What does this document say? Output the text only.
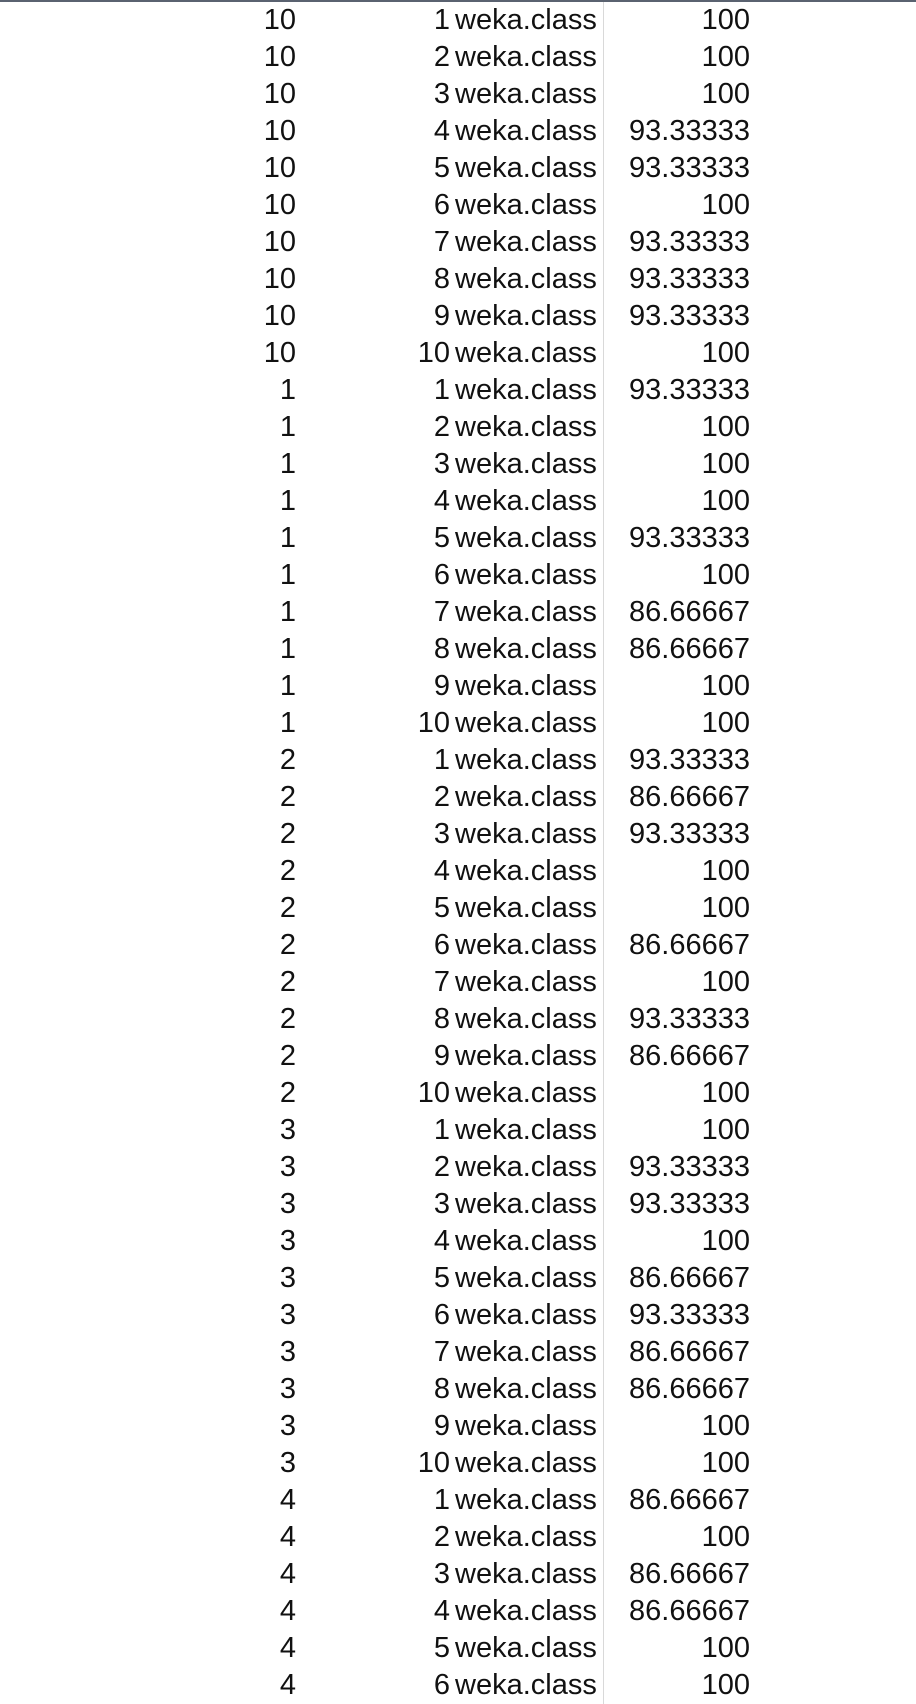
10	1 weka.class	100
10	2 weka.class	100
10	3 weka.class	100
10	4 weka.class	93.33333
10	5 weka.class	93.33333
10	6 weka.class	100
10	7 weka.class	93.33333
10	8 weka.class	93.33333
10	9 weka.class	93.33333
10	10 weka.class	100
1	1 weka.class	93.33333
1	2 weka.class	100
1	3 weka.class	100
1	4 weka.class	100
1	5 weka.class	93.33333
1	6 weka.class	100
1	7 weka.class	86.66667
1	8 weka.class	86.66667
1	9 weka.class	100
1	10 weka.class	100
2	1 weka.class	93.33333
2	2 weka.class	86.66667
2	3 weka.class	93.33333
2	4 weka.class	100
2	5 weka.class	100
2	6 weka.class	86.66667
2	7 weka.class	100
2	8 weka.class	93.33333
2	9 weka.class	86.66667
2	10 weka.class	100
3	1 weka.class	100
3	2 weka.class	93.33333
3	3 weka.class	93.33333
3	4 weka.class	100
3	5 weka.class	86.66667
3	6 weka.class	93.33333
3	7 weka.class	86.66667
3	8 weka.class	86.66667
3	9 weka.class	100
3	10 weka.class	100
4	1 weka.class	86.66667
4	2 weka.class	100
4	3 weka.class	86.66667
4	4 weka.class	86.66667
4	5 weka.class	100
4	6 weka.class	100
